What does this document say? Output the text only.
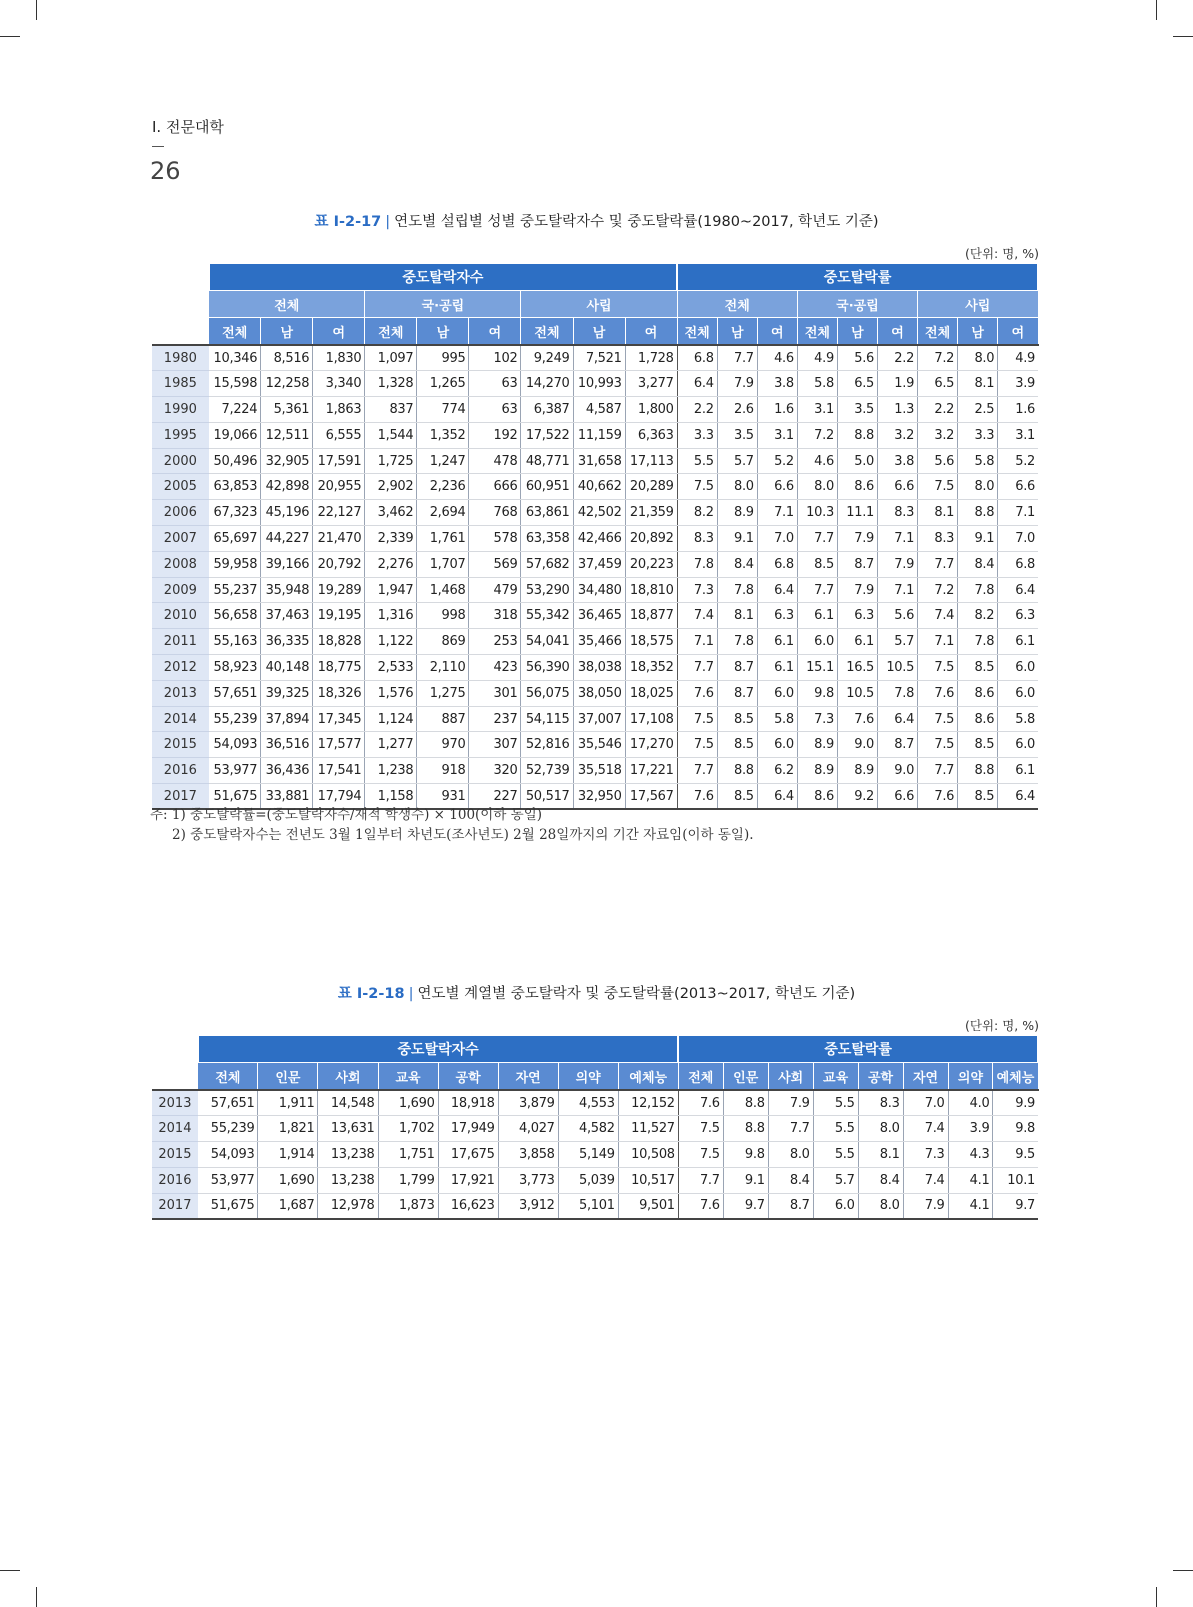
Ⅰ. 전문대학
26
표 Ⅰ-2-17 | 연도별 설립별 성별 중도탈락자수 및 중도탈락률(1980~2017, 학년도 기준)
(단위: 명, %)
	중도탈락자수									중도탈락률								
	전체			국·공립			사립			전체			국·공립			사립		
	전체	남	여	전체	남	여	전체	남	여	전체	남	여	전체	남	여	전체	남	여
1980	10,346	8,516	1,830	1,097	995	102	9,249	7,521	1,728	6.8	7.7	4.6	4.9	5.6	2.2	7.2	8.0	4.9
1985	15,598	12,258	3,340	1,328	1,265	63	14,270	10,993	3,277	6.4	7.9	3.8	5.8	6.5	1.9	6.5	8.1	3.9
1990	7,224	5,361	1,863	837	774	63	6,387	4,587	1,800	2.2	2.6	1.6	3.1	3.5	1.3	2.2	2.5	1.6
1995	19,066	12,511	6,555	1,544	1,352	192	17,522	11,159	6,363	3.3	3.5	3.1	7.2	8.8	3.2	3.2	3.3	3.1
2000	50,496	32,905	17,591	1,725	1,247	478	48,771	31,658	17,113	5.5	5.7	5.2	4.6	5.0	3.8	5.6	5.8	5.2
2005	63,853	42,898	20,955	2,902	2,236	666	60,951	40,662	20,289	7.5	8.0	6.6	8.0	8.6	6.6	7.5	8.0	6.6
2006	67,323	45,196	22,127	3,462	2,694	768	63,861	42,502	21,359	8.2	8.9	7.1	10.3	11.1	8.3	8.1	8.8	7.1
2007	65,697	44,227	21,470	2,339	1,761	578	63,358	42,466	20,892	8.3	9.1	7.0	7.7	7.9	7.1	8.3	9.1	7.0
2008	59,958	39,166	20,792	2,276	1,707	569	57,682	37,459	20,223	7.8	8.4	6.8	8.5	8.7	7.9	7.7	8.4	6.8
2009	55,237	35,948	19,289	1,947	1,468	479	53,290	34,480	18,810	7.3	7.8	6.4	7.7	7.9	7.1	7.2	7.8	6.4
2010	56,658	37,463	19,195	1,316	998	318	55,342	36,465	18,877	7.4	8.1	6.3	6.1	6.3	5.6	7.4	8.2	6.3
2011	55,163	36,335	18,828	1,122	869	253	54,041	35,466	18,575	7.1	7.8	6.1	6.0	6.1	5.7	7.1	7.8	6.1
2012	58,923	40,148	18,775	2,533	2,110	423	56,390	38,038	18,352	7.7	8.7	6.1	15.1	16.5	10.5	7.5	8.5	6.0
2013	57,651	39,325	18,326	1,576	1,275	301	56,075	38,050	18,025	7.6	8.7	6.0	9.8	10.5	7.8	7.6	8.6	6.0
2014	55,239	37,894	17,345	1,124	887	237	54,115	37,007	17,108	7.5	8.5	5.8	7.3	7.6	6.4	7.5	8.6	5.8
2015	54,093	36,516	17,577	1,277	970	307	52,816	35,546	17,270	7.5	8.5	6.0	8.9	9.0	8.7	7.5	8.5	6.0
2016	53,977	36,436	17,541	1,238	918	320	52,739	35,518	17,221	7.7	8.8	6.2	8.9	8.9	9.0	7.7	8.8	6.1
2017	51,675	33,881	17,794	1,158	931	227	50,517	32,950	17,567	7.6	8.5	6.4	8.6	9.2	6.6	7.6	8.5	6.4
주: 1) 중도탈락률=(중도탈락자수/재적 학생수) × 100(이하 동일)
2) 중도탈락자수는 전년도 3월 1일부터 차년도(조사년도) 2월 28일까지의 기간 자료임(이하 동일).
표 Ⅰ-2-18 | 연도별 계열별 중도탈락자 및 중도탈락률(2013~2017, 학년도 기준)
(단위: 명, %)
	중도탈락자수								중도탈락률							
	전체	인문	사회	교육	공학	자연	의약	예체능	전체	인문	사회	교육	공학	자연	의약	예체능
2013	57,651	1,911	14,548	1,690	18,918	3,879	4,553	12,152	7.6	8.8	7.9	5.5	8.3	7.0	4.0	9.9
2014	55,239	1,821	13,631	1,702	17,949	4,027	4,582	11,527	7.5	8.8	7.7	5.5	8.0	7.4	3.9	9.8
2015	54,093	1,914	13,238	1,751	17,675	3,858	5,149	10,508	7.5	9.8	8.0	5.5	8.1	7.3	4.3	9.5
2016	53,977	1,690	13,238	1,799	17,921	3,773	5,039	10,517	7.7	9.1	8.4	5.7	8.4	7.4	4.1	10.1
2017	51,675	1,687	12,978	1,873	16,623	3,912	5,101	9,501	7.6	9.7	8.7	6.0	8.0	7.9	4.1	9.7
